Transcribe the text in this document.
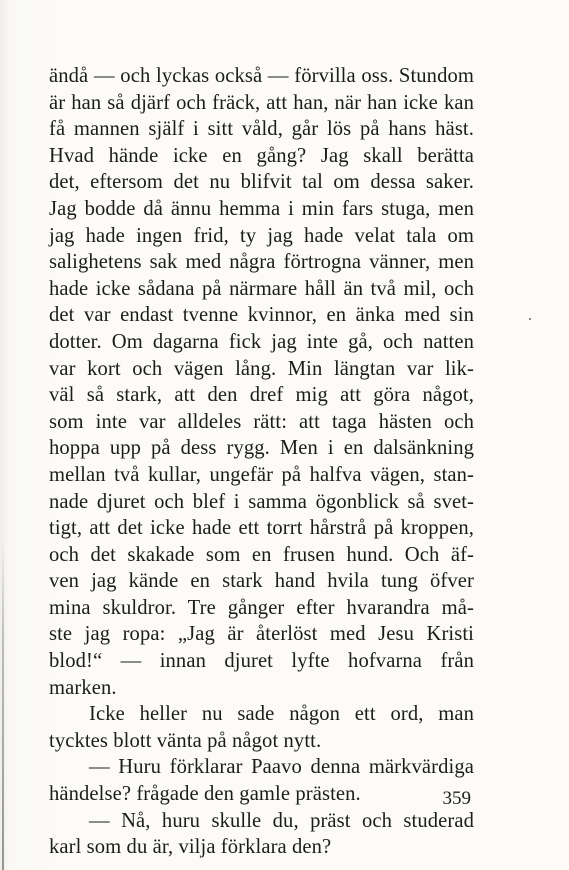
ändå — och lyckas också — förvilla oss. Stundom
är han så djärf och fräck, att han, när han icke kan
få mannen själf i sitt våld, går lös på hans häst.
Hvad hände icke en gång? Jag skall berätta
det, eftersom det nu blifvit tal om dessa saker.
Jag bodde då ännu hemma i min fars stuga, men
jag hade ingen frid, ty jag hade velat tala om
salighetens sak med några förtrogna vänner, men
hade icke sådana på närmare håll än två mil, och
det var endast tvenne kvinnor, en änka med sin
dotter. Om dagarna fick jag inte gå, och natten
var kort och vägen lång. Min längtan var lik-
väl så stark, att den dref mig att göra något,
som inte var alldeles rätt: att taga hästen och
hoppa upp på dess rygg. Men i en dalsänkning
mellan två kullar, ungefär på halfva vägen, stan-
nade djuret och blef i samma ögonblick så svet-
tigt, att det icke hade ett torrt hårstrå på kroppen,
och det skakade som en frusen hund. Och äf-
ven jag kände en stark hand hvila tung öfver
mina skuldror. Tre gånger efter hvarandra må-
ste jag ropa: „Jag är återlöst med Jesu Kristi
blod!“ — innan djuret lyfte hofvarna från
marken.
Icke heller nu sade någon ett ord, man
tycktes blott vänta på något nytt.
— Huru förklarar Paavo denna märkvärdiga
händelse? frågade den gamle prästen.
— Nå, huru skulle du, präst och studerad
karl som du är, vilja förklara den?
359
